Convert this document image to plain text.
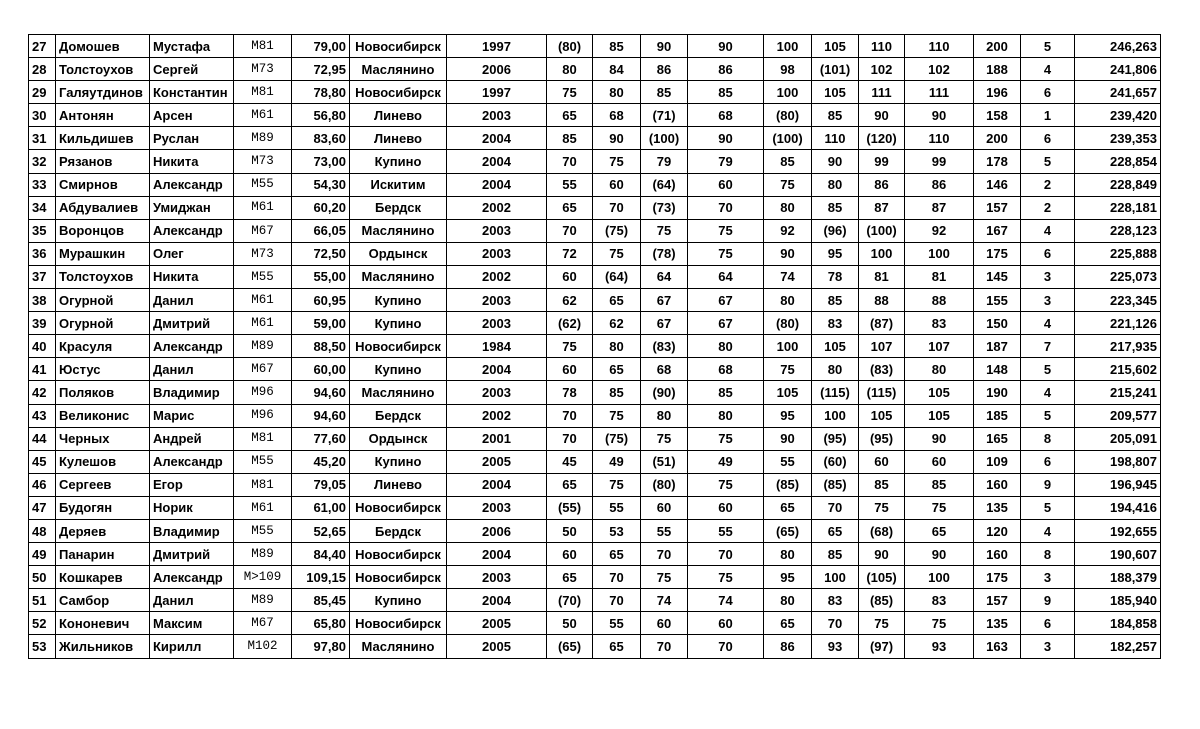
27	Домошев	Мустафа	М81	79,00	Новосибирск	1997	(80)	85	90	90	100	105	110	110	200	5	246,263
28	Толстоухов	Сергей	М73	72,95	Маслянино	2006	80	84	86	86	98	(101)	102	102	188	4	241,806
29	Галяутдинов	Константин	М81	78,80	Новосибирск	1997	75	80	85	85	100	105	111	111	196	6	241,657
30	Антонян	Арсен	М61	56,80	Линево	2003	65	68	(71)	68	(80)	85	90	90	158	1	239,420
31	Кильдишев	Руслан	М89	83,60	Линево	2004	85	90	(100)	90	(100)	110	(120)	110	200	6	239,353
32	Рязанов	Никита	М73	73,00	Купино	2004	70	75	79	79	85	90	99	99	178	5	228,854
33	Смирнов	Александр	М55	54,30	Искитим	2004	55	60	(64)	60	75	80	86	86	146	2	228,849
34	Абдувалиев	Умиджан	М61	60,20	Бердск	2002	65	70	(73)	70	80	85	87	87	157	2	228,181
35	Воронцов	Александр	М67	66,05	Маслянино	2003	70	(75)	75	75	92	(96)	(100)	92	167	4	228,123
36	Мурашкин	Олег	М73	72,50	Ордынск	2003	72	75	(78)	75	90	95	100	100	175	6	225,888
37	Толстоухов	Никита	М55	55,00	Маслянино	2002	60	(64)	64	64	74	78	81	81	145	3	225,073
38	Огурной	Данил	М61	60,95	Купино	2003	62	65	67	67	80	85	88	88	155	3	223,345
39	Огурной	Дмитрий	М61	59,00	Купино	2003	(62)	62	67	67	(80)	83	(87)	83	150	4	221,126
40	Красуля	Александр	М89	88,50	Новосибирск	1984	75	80	(83)	80	100	105	107	107	187	7	217,935
41	Юстус	Данил	М67	60,00	Купино	2004	60	65	68	68	75	80	(83)	80	148	5	215,602
42	Поляков	Владимир	М96	94,60	Маслянино	2003	78	85	(90)	85	105	(115)	(115)	105	190	4	215,241
43	Великонис	Марис	М96	94,60	Бердск	2002	70	75	80	80	95	100	105	105	185	5	209,577
44	Черных	Андрей	М81	77,60	Ордынск	2001	70	(75)	75	75	90	(95)	(95)	90	165	8	205,091
45	Кулешов	Александр	М55	45,20	Купино	2005	45	49	(51)	49	55	(60)	60	60	109	6	198,807
46	Сергеев	Егор	М81	79,05	Линево	2004	65	75	(80)	75	(85)	(85)	85	85	160	9	196,945
47	Будогян	Норик	М61	61,00	Новосибирск	2003	(55)	55	60	60	65	70	75	75	135	5	194,416
48	Деряев	Владимир	М55	52,65	Бердск	2006	50	53	55	55	(65)	65	(68)	65	120	4	192,655
49	Панарин	Дмитрий	М89	84,40	Новосибирск	2004	60	65	70	70	80	85	90	90	160	8	190,607
50	Кошкарев	Александр	М>109	109,15	Новосибирск	2003	65	70	75	75	95	100	(105)	100	175	3	188,379
51	Самбор	Данил	М89	85,45	Купино	2004	(70)	70	74	74	80	83	(85)	83	157	9	185,940
52	Кононевич	Максим	М67	65,80	Новосибирск	2005	50	55	60	60	65	70	75	75	135	6	184,858
53	Жильников	Кирилл	М102	97,80	Маслянино	2005	(65)	65	70	70	86	93	(97)	93	163	3	182,257
